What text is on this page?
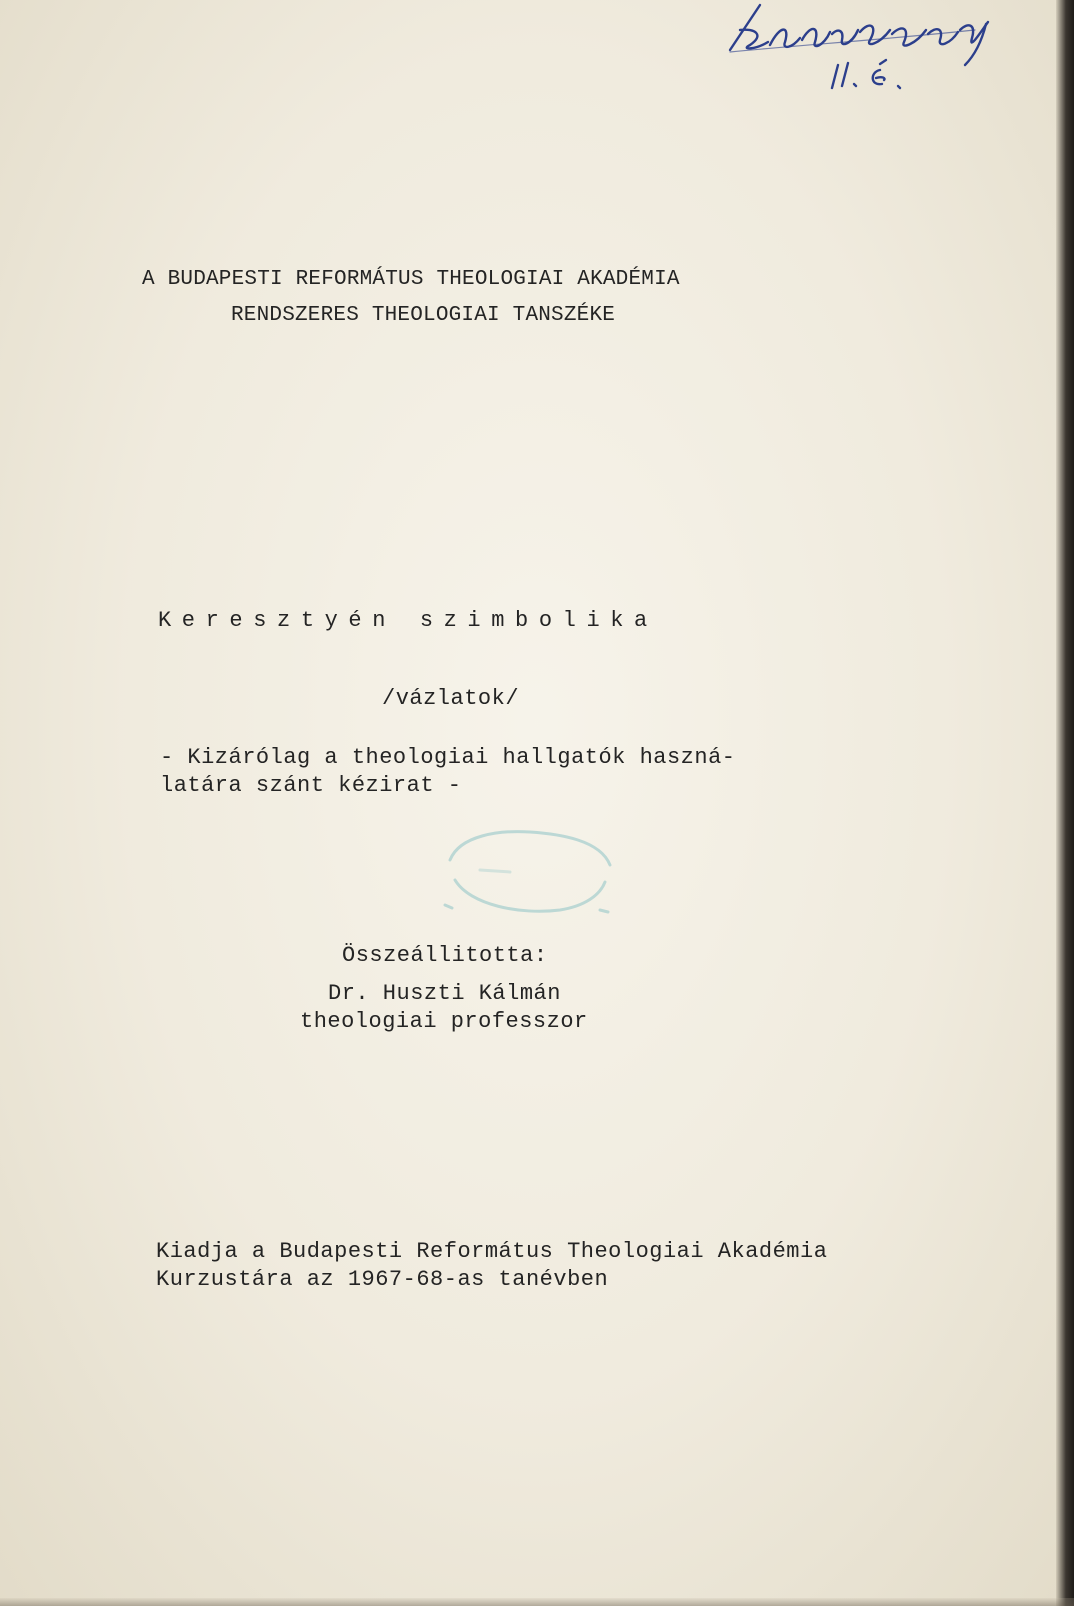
A BUDAPESTI REFORMÁTUS THEOLOGIAI AKADÉMIA

RENDSZERES THEOLOGIAI TANSZÉKE

Keresztyén szimbolika

/vázlatok/

- Kizárólag a theologiai hallgatók haszná-

latára szánt kézirat -

Összeállitotta:

Dr. Huszti Kálmán

theologiai professzor

Kiadja a Budapesti Református Theologiai Akadémia

Kurzustára az 1967-68-as tanévben
